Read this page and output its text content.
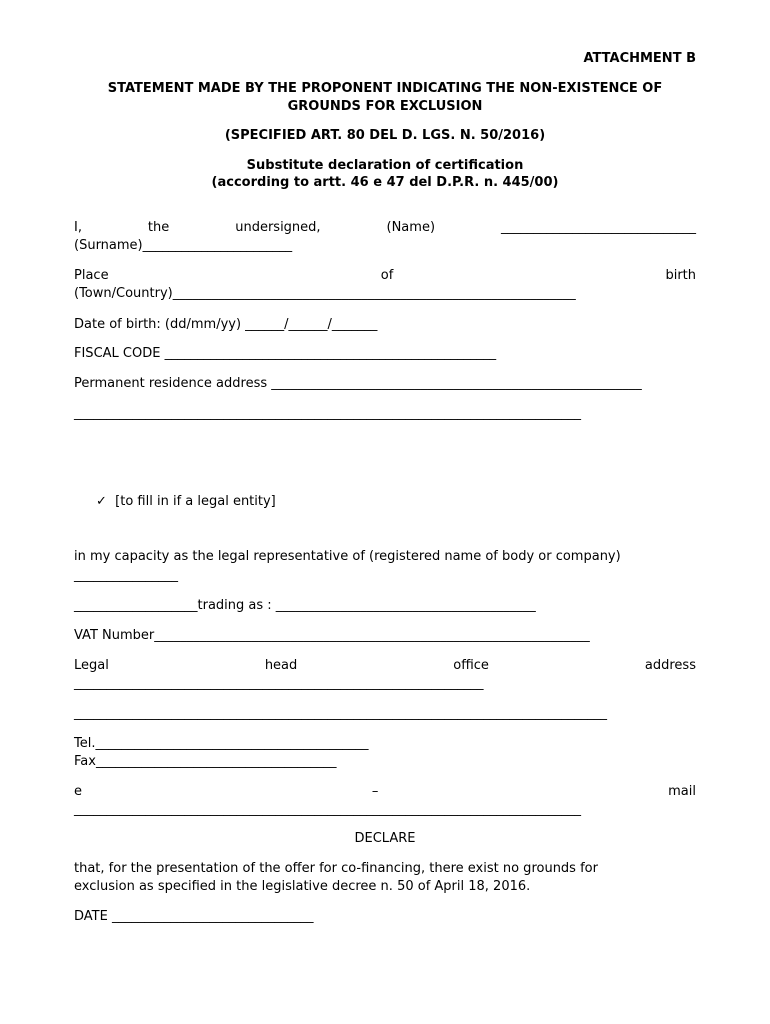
ATTACHMENT B
STATEMENT MADE BY THE PROPONENT INDICATING THE NON-EXISTENCE OF
GROUNDS FOR EXCLUSION
(SPECIFIED ART. 80 DEL D. LGS. N. 50/2016)
Substitute declaration of certification
(according to artt. 46 e 47 del D.P.R. n. 445/00)
I,	the	undersigned,	(Name)	______________________________
(Surname)_______________________
Place	of	birth
(Town/Country)______________________________________________________________
Date of birth: (dd/mm/yy) ______/______/_______
FISCAL CODE ___________________________________________________
Permanent residence address _________________________________________________________
______________________________________________________________________________
✓ [to fill in if a legal entity]
in my capacity as the legal representative of (registered name of body or company)
________________
___________________trading as : ________________________________________
VAT Number___________________________________________________________________
Legal	head	office	address
_______________________________________________________________
__________________________________________________________________________________
Tel.__________________________________________
Fax_____________________________________
e	–	mail
______________________________________________________________________________
DECLARE
that, for the presentation of the offer for co-financing, there exist no grounds for
exclusion as specified in the legislative decree n. 50 of April 18, 2016.
DATE _______________________________
